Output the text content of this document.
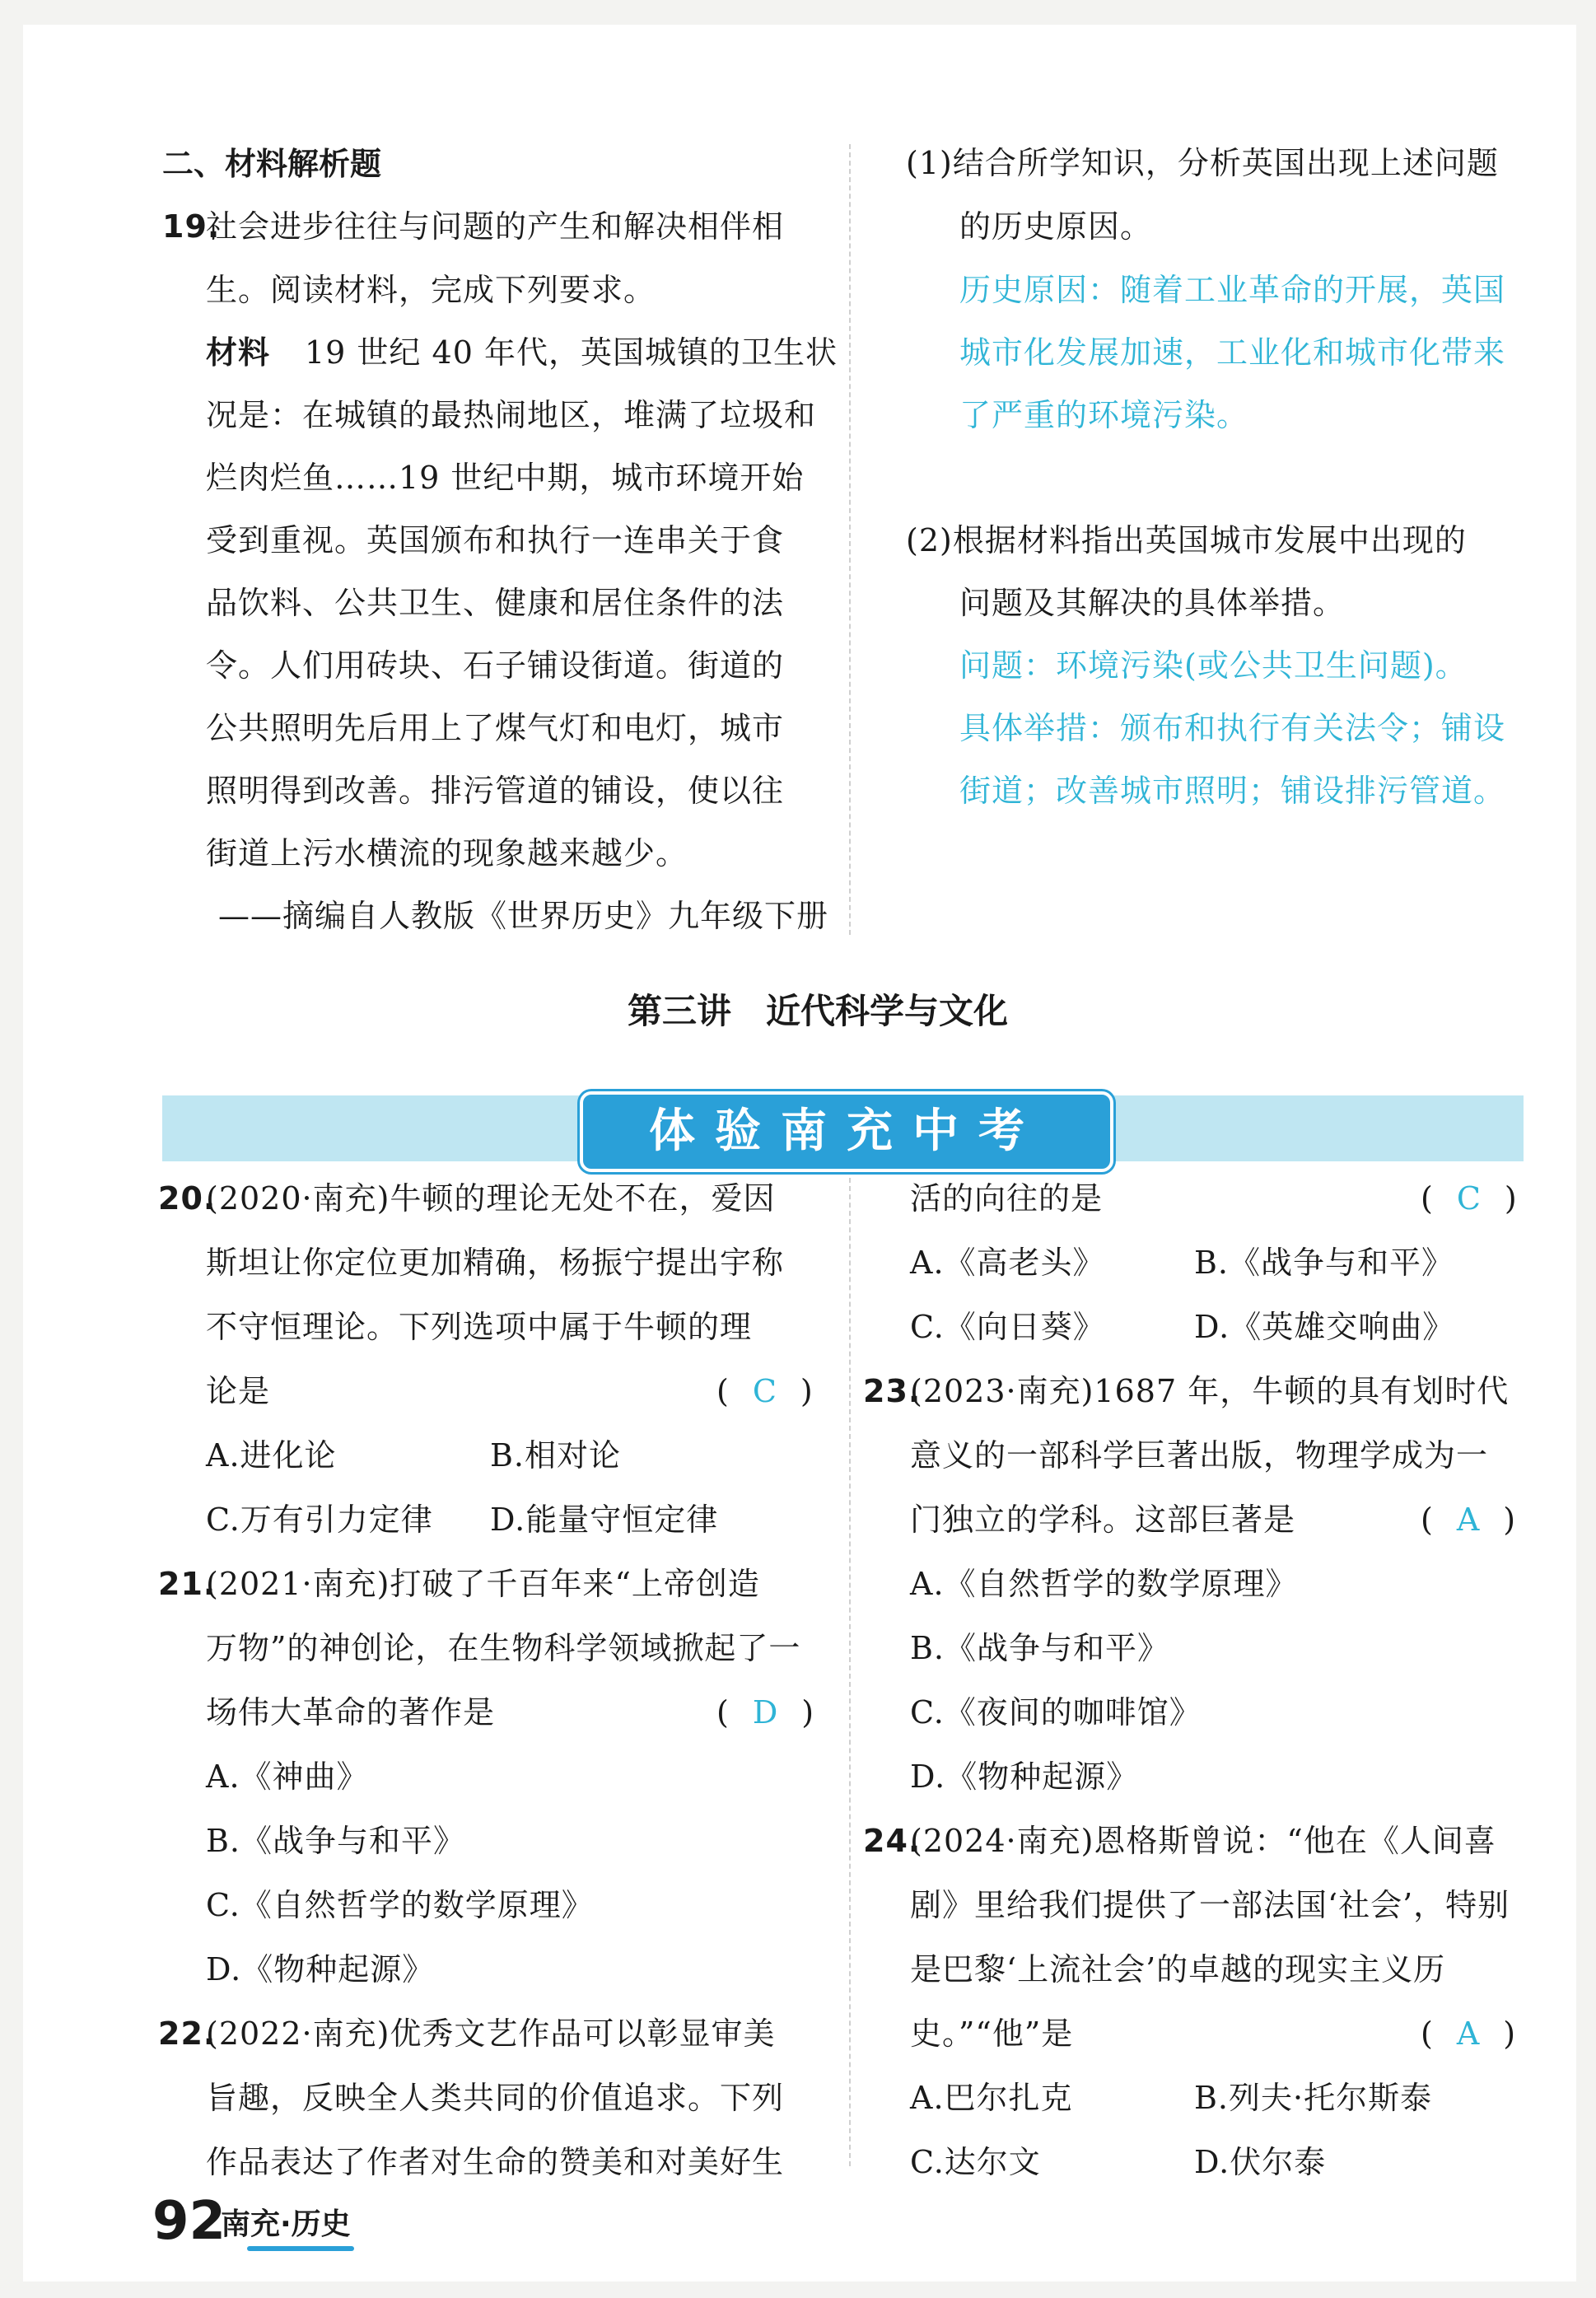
二、材料解析题
19.
社会进步往往与问题的产生和解决相伴相
生。阅读材料，完成下列要求。
材料 19 世纪 40 年代，英国城镇的卫生状
况是：在城镇的最热闹地区，堆满了垃圾和
烂肉烂鱼……19 世纪中期，城市环境开始
受到重视。英国颁布和执行一连串关于食
品饮料、公共卫生、健康和居住条件的法
令。人们用砖块、石子铺设街道。街道的
公共照明先后用上了煤气灯和电灯，城市
照明得到改善。排污管道的铺设，使以往
街道上污水横流的现象越来越少。
——摘编自人教版《世界历史》九年级下册
(1)结合所学知识，分析英国出现上述问题
的历史原因。
历史原因：随着工业革命的开展，英国
城市化发展加速，工业化和城市化带来
了严重的环境污染。
(2)根据材料指出英国城市发展中出现的
问题及其解决的具体举措。
问题：环境污染(或公共卫生问题)。
具体举措：颁布和执行有关法令；铺设
街道；改善城市照明；铺设排污管道。
第三讲　近代科学与文化
体验南充中考
20.
(2020·南充)牛顿的理论无处不在，爱因
斯坦让你定位更加精确，杨振宁提出宇称
不守恒理论。下列选项中属于牛顿的理
论是	( C )
A.进化论	B.相对论
C.万有引力定律 D.能量守恒定律
21.
(2021·南充)打破了千百年来“上帝创造
万物”的神创论，在生物科学领域掀起了一
场伟大革命的著作是	( D )
A.《神曲》
B.《战争与和平》
C.《自然哲学的数学原理》
D.《物种起源》
22.
(2022·南充)优秀文艺作品可以彰显审美
旨趣，反映全人类共同的价值追求。下列
作品表达了作者对生命的赞美和对美好生
活的向往的是	( C )
A.《高老头》	B.《战争与和平》
C.《向日葵》	D.《英雄交响曲》
23.
(2023·南充)1687 年，牛顿的具有划时代
意义的一部科学巨著出版，物理学成为一
门独立的学科。这部巨著是	( A )
A.《自然哲学的数学原理》
B.《战争与和平》
C.《夜间的咖啡馆》
D.《物种起源》
24.
(2024·南充)恩格斯曾说：“他在《人间喜
剧》里给我们提供了一部法国‘社会’，特别
是巴黎‘上流社会’的卓越的现实主义历
史。”“他”是	( A )
A.巴尔扎克	B.列夫·托尔斯泰
C.达尔文	D.伏尔泰
92
南充·历史
